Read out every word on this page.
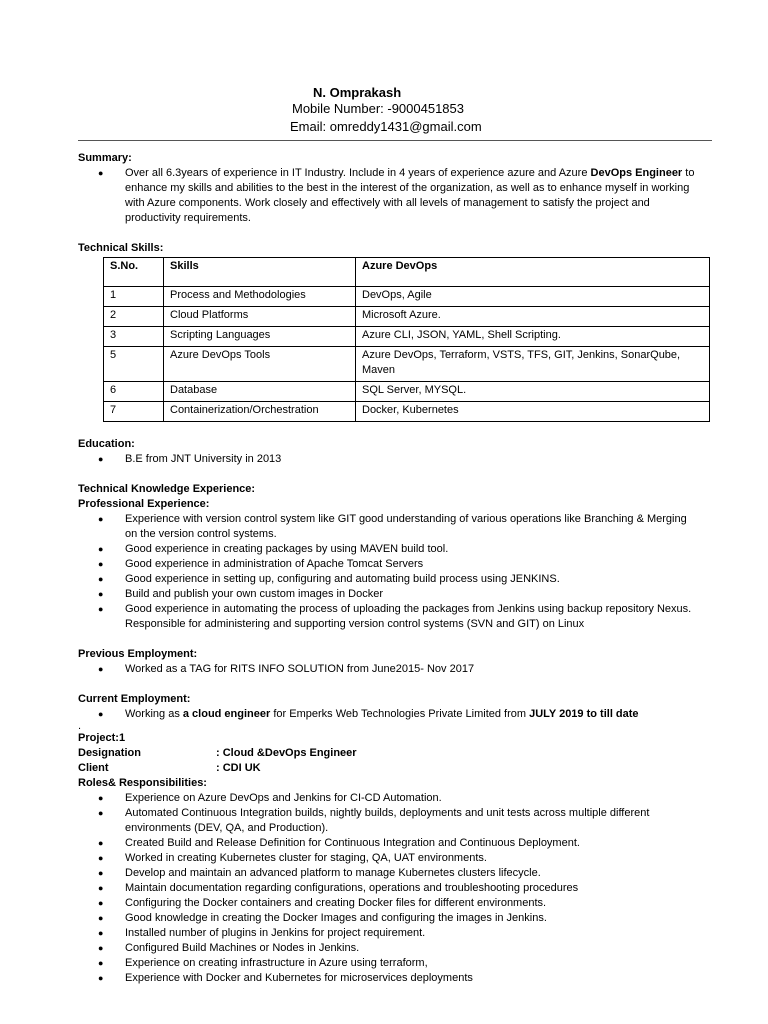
N. Omprakash
Mobile Number: -9000451853
Email: omreddy1431@gmail.com
Summary:
● Over all 6.3years of experience in IT Industry. Include in 4 years of experience azure and Azure DevOps Engineer to enhance my skills and abilities to the best in the interest of the organization, as well as to enhance myself in working with Azure components. Work closely and effectively with all levels of management to satisfy the project and productivity requirements.
Technical Skills:
S.No.	Skills	Azure DevOps
1	Process and Methodologies	DevOps, Agile
2	Cloud Platforms	Microsoft Azure.
3	Scripting Languages	Azure CLI, JSON, YAML, Shell Scripting.
5	Azure DevOps Tools	Azure DevOps, Terraform, VSTS, TFS, GIT, Jenkins, SonarQube, Maven
6	Database	SQL Server, MYSQL.
7	Containerization/Orchestration	Docker, Kubernetes
Education:
● B.E from JNT University in 2013
Technical Knowledge Experience:
Professional Experience:
● Experience with version control system like GIT good understanding of various operations like Branching & Merging on the version control systems.
● Good experience in creating packages by using MAVEN build tool.
● Good experience in administration of Apache Tomcat Servers
● Good experience in setting up, configuring and automating build process using JENKINS.
● Build and publish your own custom images in Docker
● Good experience in automating the process of uploading the packages from Jenkins using backup repository Nexus. Responsible for administering and supporting version control systems (SVN and GIT) on Linux
Previous Employment:
● Worked as a TAG for RITS INFO SOLUTION from June2015- Nov 2017
Current Employment:
● Working as a cloud engineer for Emperks Web Technologies Private Limited from JULY 2019 to till date
.
Project:1
Designation	: Cloud &DevOps Engineer
Client	: CDI UK
Roles& Responsibilities:
● Experience on Azure DevOps and Jenkins for CI-CD Automation.
● Automated Continuous Integration builds, nightly builds, deployments and unit tests across multiple different environments (DEV, QA, and Production).
● Created Build and Release Definition for Continuous Integration and Continuous Deployment.
● Worked in creating Kubernetes cluster for staging, QA, UAT environments.
● Develop and maintain an advanced platform to manage Kubernetes clusters lifecycle.
● Maintain documentation regarding configurations, operations and troubleshooting procedures
● Configuring the Docker containers and creating Docker files for different environments.
● Good knowledge in creating the Docker Images and configuring the images in Jenkins.
● Installed number of plugins in Jenkins for project requirement.
● Configured Build Machines or Nodes in Jenkins.
● Experience on creating infrastructure in Azure using terraform,
● Experience with Docker and Kubernetes for microservices deployments
